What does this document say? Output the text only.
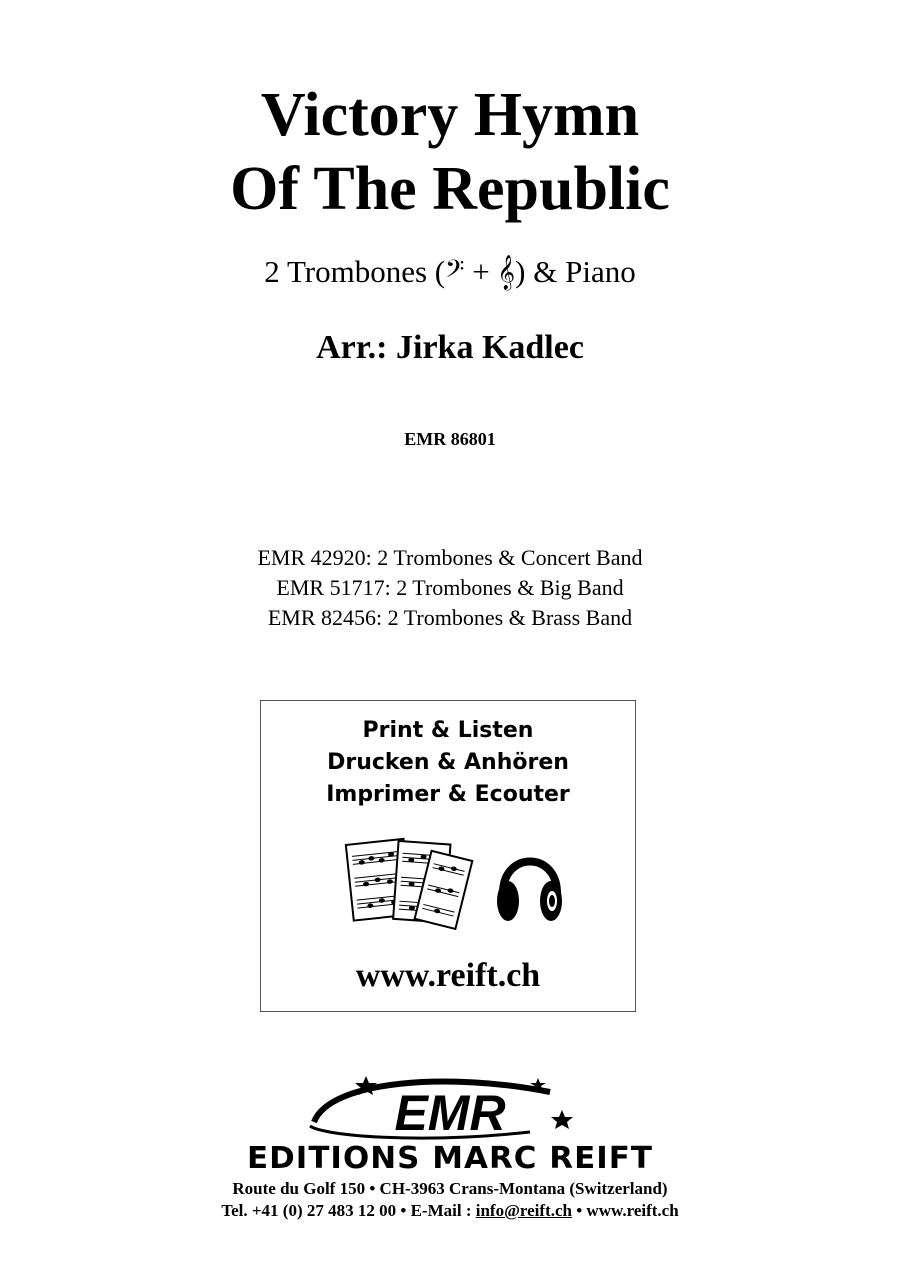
Victory Hymn
Of The Republic
2 Trombones (𝄢 + 𝄞) & Piano
Arr.: Jirka Kadlec
EMR 86801
EMR 42920: 2 Trombones & Concert Band
EMR 51717: 2 Trombones & Big Band
EMR 82456: 2 Trombones & Brass Band
Print & Listen
Drucken & Anhören
Imprimer & Ecouter
www.reift.ch
EMR
EDITIONS MARC REIFT
Route du Golf 150 • CH-3963 Crans-Montana (Switzerland)
Tel. +41 (0) 27 483 12 00 • E-Mail : info@reift.ch • www.reift.ch
